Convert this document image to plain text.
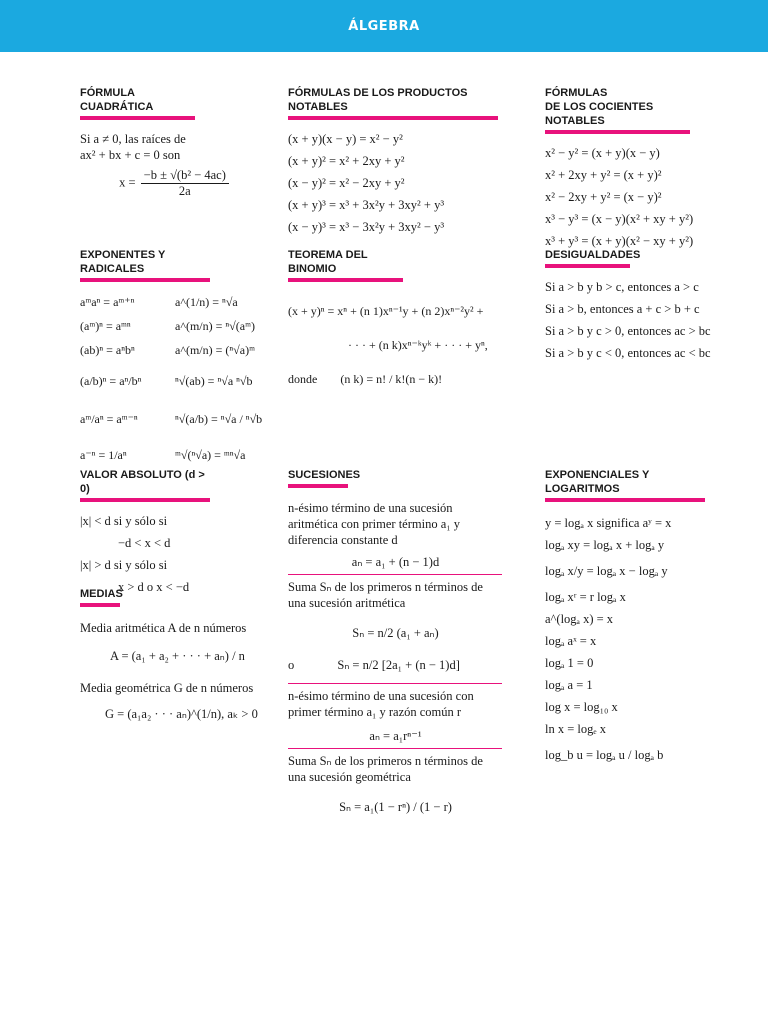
ÁLGEBRA
FÓRMULA CUADRÁTICA
Si a ≠ 0, las raíces de
ax² + bx + c = 0 son
$x = \frac{\text{−b ± √(b² − 4ac)}}{2a}$
FÓRMULAS DE LOS PRODUCTOS NOTABLES
(x + y)(x − y) = x² − y²
(x + y)² = x² + 2xy + y²
(x − y)² = x² − 2xy + y²
(x + y)³ = x³ + 3x²y + 3xy² + y³
(x − y)³ = x³ − 3x²y + 3xy² − y³
FÓRMULAS
DE LOS COCIENTES NOTABLES
x² − y² = (x + y)(x − y)
x² + 2xy + y² = (x + y)²
x² − 2xy + y² = (x − y)²
x³ − y³ = (x − y)(x² + xy + y²)
x³ + y³ = (x + y)(x² − xy + y²)
EXPONENTES Y RADICALES
aᵐaⁿ = aᵐ⁺ⁿ	a^(1/n) = ⁿ√a
(aᵐ)ⁿ = aᵐⁿ	a^(m/n) = ⁿ√(aᵐ)
(ab)ⁿ = aⁿbⁿ	a^(m/n) = (ⁿ√a)ᵐ
(a/b)ⁿ = aⁿ/bⁿ	ⁿ√(ab) = ⁿ√a ⁿ√b
aᵐ/aⁿ = aᵐ⁻ⁿ	ⁿ√(a/b) = ⁿ√a / ⁿ√b
a⁻ⁿ = 1/aⁿ	ᵐ√(ⁿ√a) = ᵐⁿ√a
TEOREMA DEL BINOMIO
(x + y)ⁿ = xⁿ + (n 1)xⁿ⁻¹y + (n 2)xⁿ⁻²y² +
· · · + (n k)xⁿ⁻ᵏyᵏ + · · · + yⁿ,
donde (n k) = n! / k!(n − k)!
DESIGUALDADES
Si a > b y b > c, entonces a > c
Si a > b, entonces a + c > b + c
Si a > b y c > 0, entonces ac > bc
Si a > b y c < 0, entonces ac < bc
VALOR ABSOLUTO (d > 0)
|x| < d si y sólo si
−d < x < d
|x| > d si y sólo si
x > d o x < −d
MEDIAS
Media aritmética A de n números
A = (a₁ + a₂ + · · · + aₙ) / n
Media geométrica G de n números
G = (a₁a₂ · · · aₙ)^(1/n), aₖ > 0
SUCESIONES
n-ésimo término de una sucesión aritmética con primer término a₁ y diferencia constante d
aₙ = a₁ + (n − 1)d
Suma Sₙ de los primeros n términos de una sucesión aritmética
Sₙ = n/2 (a₁ + aₙ)
o	Sₙ = n/2 [2a₁ + (n − 1)d]
n-ésimo término de una sucesión con primer término a₁ y razón común r
aₙ = a₁rⁿ⁻¹
Suma Sₙ de los primeros n términos de una sucesión geométrica
Sₙ = a₁(1 − rⁿ) / (1 − r)
EXPONENCIALES Y LOGARITMOS
y = logₐ x significa aʸ = x
logₐ xy = logₐ x + logₐ y
logₐ x/y = logₐ x − logₐ y
logₐ xʳ = r logₐ x
a^(logₐ x) = x
logₐ aˣ = x
logₐ 1 = 0
logₐ a = 1
log x = log₁₀ x
ln x = logₑ x
log_b u = logₐ u / logₐ b
